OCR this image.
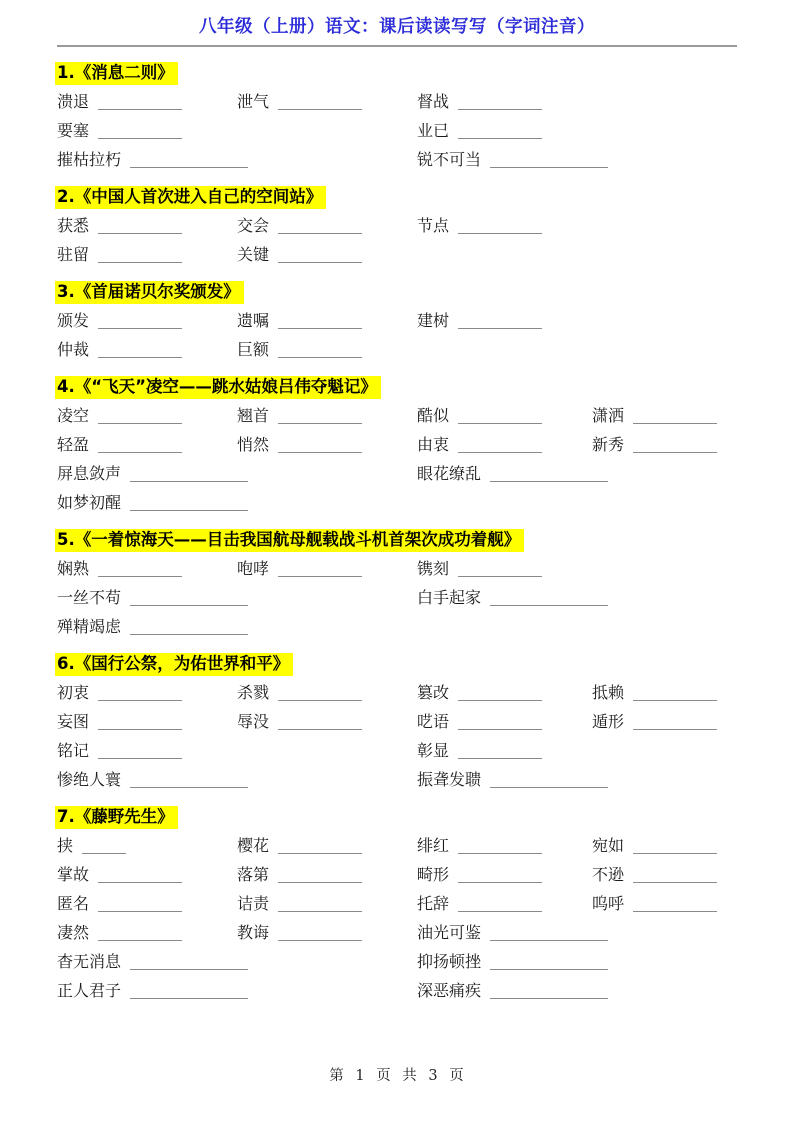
八年级（上册）语文：课后读读写写（字词注音）
1.《消息二则》
溃退	泄气	督战
要塞	业已
摧枯拉朽	锐不可当
2.《中国人首次进入自己的空间站》
获悉	交会	节点
驻留	关键
3.《首届诺贝尔奖颁发》
颁发	遗嘱	建树
仲裁	巨额
4.《“飞天”凌空——跳水姑娘吕伟夺魁记》
凌空	翘首	酷似	潇洒
轻盈	悄然	由衷	新秀
屏息敛声	眼花缭乱
如梦初醒
5.《一着惊海天——目击我国航母舰载战斗机首架次成功着舰》
娴熟	咆哮	镌刻
一丝不苟	白手起家
殚精竭虑
6.《国行公祭，为佑世界和平》
初衷	杀戮	篡改	抵赖
妄图	辱没	呓语	遁形
铭记	彰显
惨绝人寰	振聋发聩
7.《藤野先生》
挟	樱花	绯红	宛如
掌故	落第	畸形	不逊
匿名	诘责	托辞	呜呼
凄然	教诲	油光可鉴
杳无消息	抑扬顿挫
正人君子	深恶痛疾
第 1 页 共 3 页
